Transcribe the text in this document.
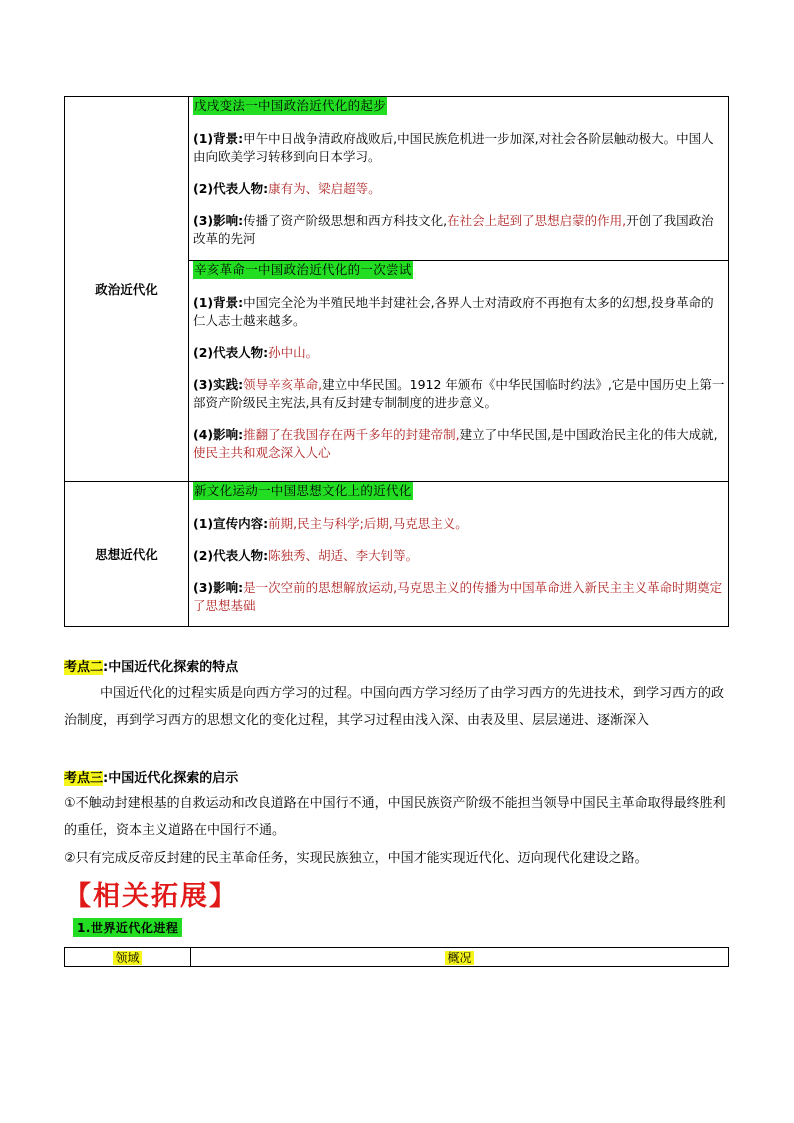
政治近代化	戊戌变法一中国政治近代化的起步
(1)背景:甲午中日战争清政府战败后,中国民族危机进一步加深,对社会各阶层触动极大。中国人由向欧美学习转移到向日本学习。
(2)代表人物:康有为、梁启超等。
(3)影响:传播了资产阶级思想和西方科技文化,在社会上起到了思想启蒙的作用,开创了我国政治改革的先河

	辛亥革命一中国政治近代化的一次尝试
(1)背景:中国完全沦为半殖民地半封建社会,各界人士对清政府不再抱有太多的幻想,投身革命的仁人志士越来越多。
(2)代表人物:孙中山。
(3)实践:领导辛亥革命,建立中华民国。1912 年颁布《中华民国临时约法》,它是中国历史上第一部资产阶级民主宪法,具有反封建专制制度的进步意义。
(4)影响:推翻了在我国存在两千多年的封建帝制,建立了中华民国,是中国政治民主化的伟大成就,使民主共和观念深入人心

思想近代化	新文化运动一中国思想文化上的近代化
(1)宣传内容:前期,民主与科学;后期,马克思主义。
(2)代表人物:陈独秀、胡适、李大钊等。
(3)影响:是一次空前的思想解放运动,马克思主义的传播为中国革命进入新民主主义革命时期奠定了思想基础
考点二:中国近代化探索的特点
中国近代化的过程实质是向西方学习的过程。中国向西方学习经历了由学习西方的先进技术，到学习西方的政治制度，再到学习西方的思想文化的变化过程，其学习过程由浅入深、由表及里、层层递进、逐渐深入
考点三:中国近代化探索的启示
①不触动封建根基的自救运动和改良道路在中国行不通，中国民族资产阶级不能担当领导中国民主革命取得最终胜利的重任，资本主义道路在中国行不通。
②只有完成反帝反封建的民主革命任务，实现民族独立，中国才能实现近代化、迈向现代化建设之路。
【相关拓展】
1.世界近代化进程
领域	概况
